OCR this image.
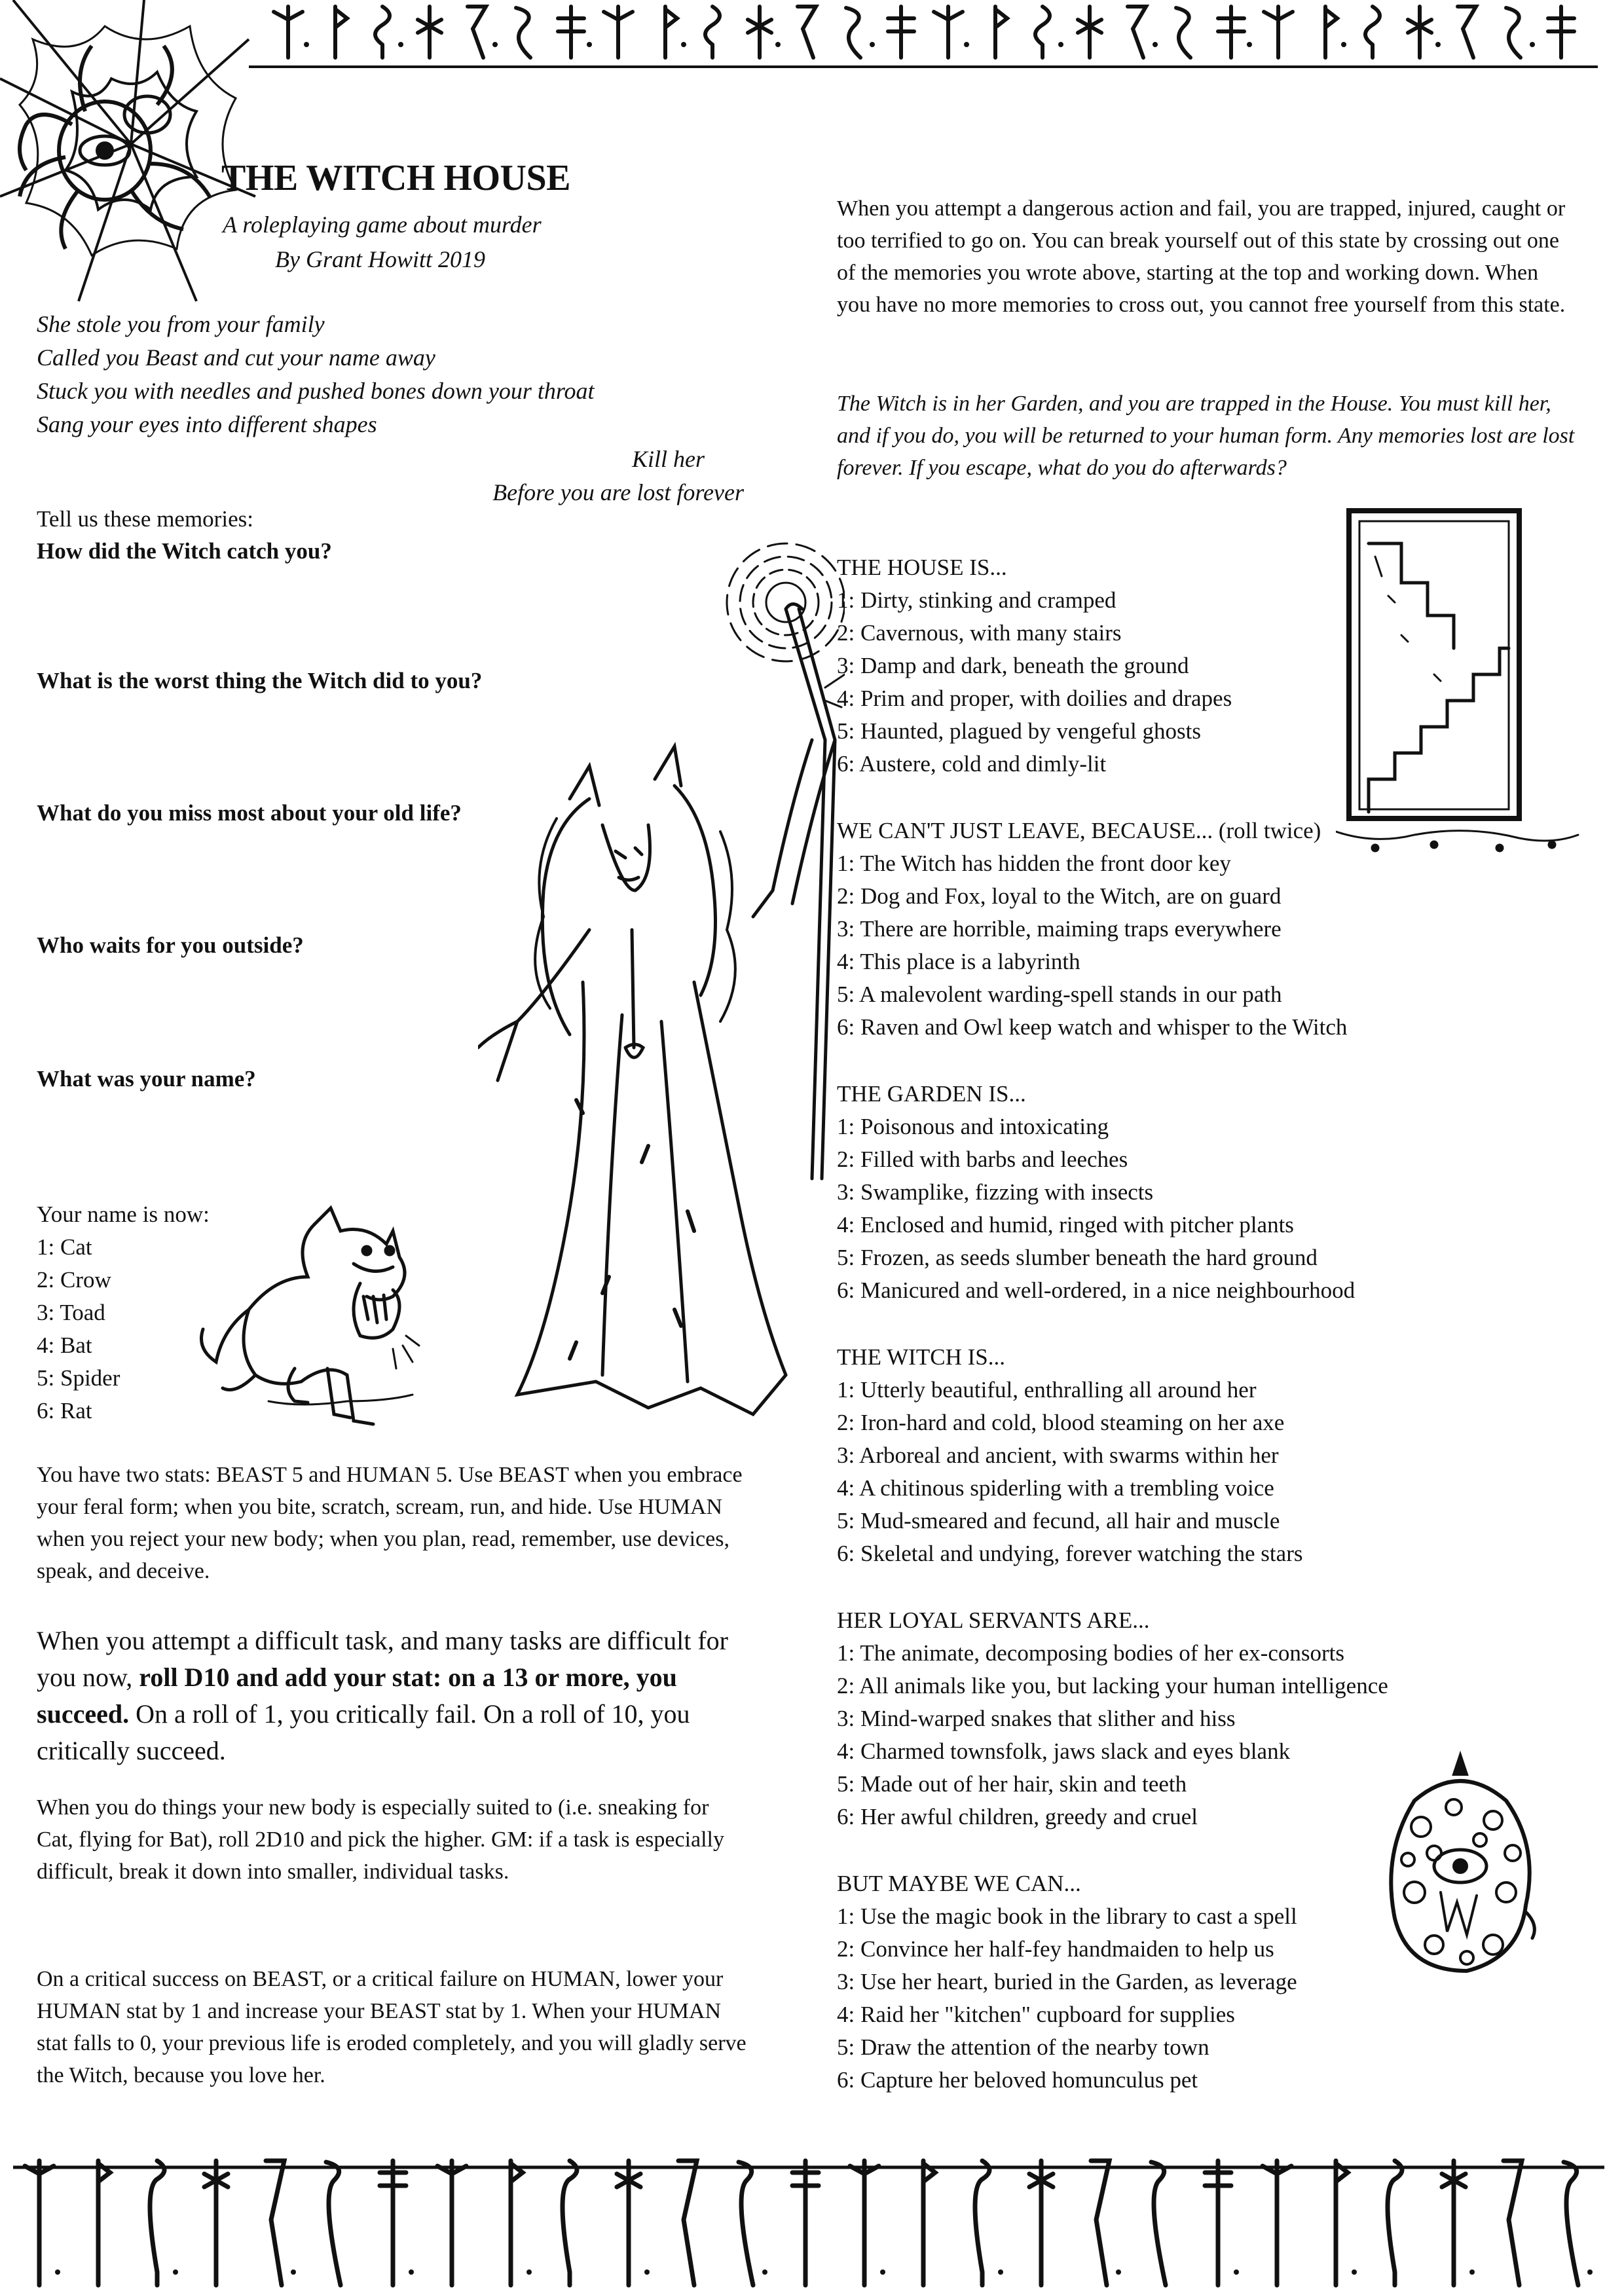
THE WITCH HOUSE
A roleplaying game about murder
By Grant Howitt 2019
She stole you from your family
Called you Beast and cut your name away
Stuck you with needles and pushed bones down your throat
Sang your eyes into different shapes
Kill her
Before you are lost forever
Tell us these memories:
How did the Witch catch you?
What is the worst thing the Witch did to you?
What do you miss most about your old life?
Who waits for you outside?
What was your name?
Your name is now:
1: Cat
2: Crow
3: Toad
4: Bat
5: Spider
6: Rat
You have two stats: BEAST 5 and HUMAN 5. Use BEAST when you embrace your feral form; when you bite, scratch, scream, run, and hide. Use HUMAN when you reject your new body; when you plan, read, remember, use devices, speak, and deceive.
When you attempt a difficult task, and many tasks are difficult for you now, roll D10 and add your stat: on a 13 or more, you succeed. On a roll of 1, you critically fail. On a roll of 10, you critically succeed.
When you do things your new body is especially suited to (i.e. sneaking for Cat, flying for Bat), roll 2D10 and pick the higher. GM: if a task is especially difficult, break it down into smaller, individual tasks.
On a critical success on BEAST, or a critical failure on HUMAN, lower your HUMAN stat by 1 and increase your BEAST stat by 1. When your HUMAN stat falls to 0, your previous life is eroded completely, and you will gladly serve the Witch, because you love her.
When you attempt a dangerous action and fail, you are trapped, injured, caught or too terrified to go on. You can break yourself out of this state by crossing out one of the memories you wrote above, starting at the top and working down. When you have no more memories to cross out, you cannot free yourself from this state.
The Witch is in her Garden, and you are trapped in the House. You must kill her, and if you do, you will be returned to your human form. Any memories lost are lost forever. If you escape, what do you do afterwards?
THE HOUSE IS...
1: Dirty, stinking and cramped
2: Cavernous, with many stairs
3: Damp and dark, beneath the ground
4: Prim and proper, with doilies and drapes
5: Haunted, plagued by vengeful ghosts
6: Austere, cold and dimly-lit
WE CAN'T JUST LEAVE, BECAUSE... (roll twice)
1: The Witch has hidden the front door key
2: Dog and Fox, loyal to the Witch, are on guard
3: There are horrible, maiming traps everywhere
4: This place is a labyrinth
5: A malevolent warding-spell stands in our path
6: Raven and Owl keep watch and whisper to the Witch
THE GARDEN IS...
1: Poisonous and intoxicating
2: Filled with barbs and leeches
3: Swamplike, fizzing with insects
4: Enclosed and humid, ringed with pitcher plants
5: Frozen, as seeds slumber beneath the hard ground
6: Manicured and well-ordered, in a nice neighbourhood
THE WITCH IS...
1: Utterly beautiful, enthralling all around her
2: Iron-hard and cold, blood steaming on her axe
3: Arboreal and ancient, with swarms within her
4: A chitinous spiderling with a trembling voice
5: Mud-smeared and fecund, all hair and muscle
6: Skeletal and undying, forever watching the stars
HER LOYAL SERVANTS ARE...
1: The animate, decomposing bodies of her ex-consorts
2: All animals like you, but lacking your human intelligence
3: Mind-warped snakes that slither and hiss
4: Charmed townsfolk, jaws slack and eyes blank
5: Made out of her hair, skin and teeth
6: Her awful children, greedy and cruel
BUT MAYBE WE CAN...
1: Use the magic book in the library to cast a spell
2: Convince her half-fey handmaiden to help us
3: Use her heart, buried in the Garden, as leverage
4: Raid her "kitchen" cupboard for supplies
5: Draw the attention of the nearby town
6: Capture her beloved homunculus pet
